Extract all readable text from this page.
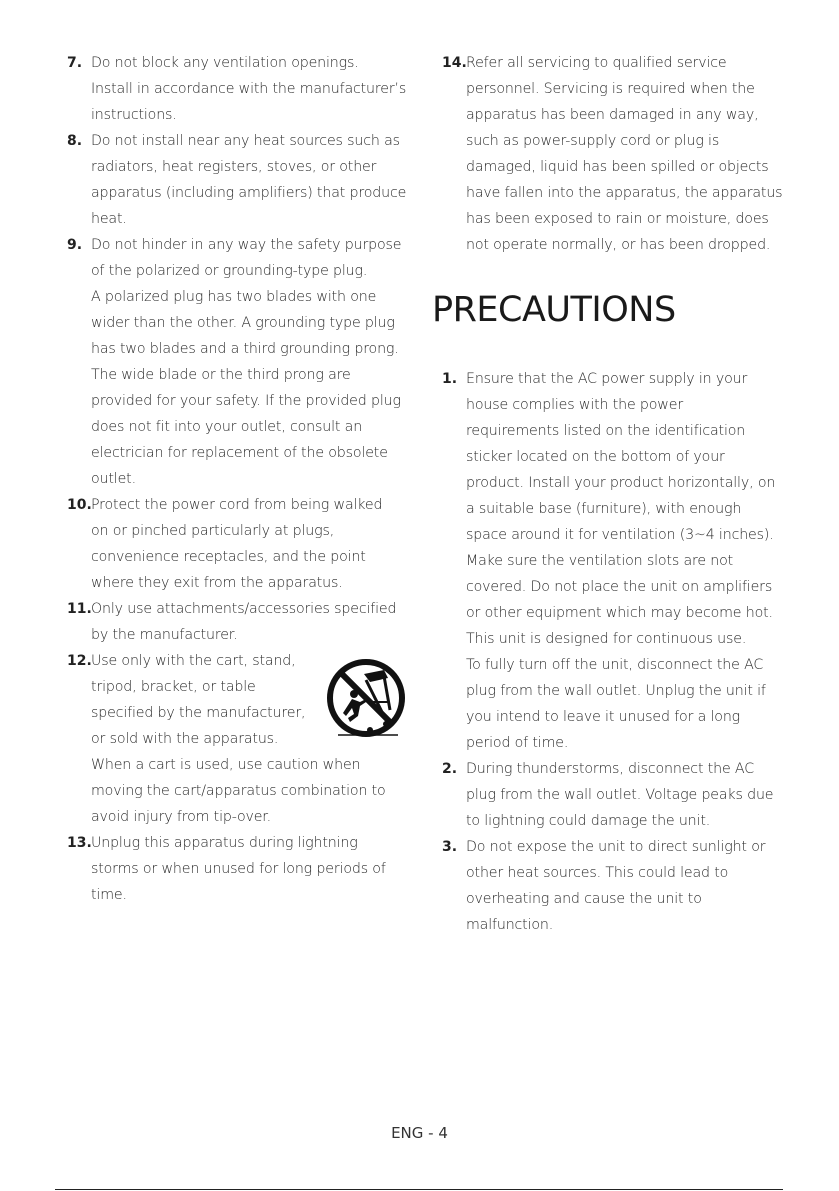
7. Do not block any ventilation openings.
Install in accordance with the manufacturer’s
instructions.
8. Do not install near any heat sources such as
radiators, heat registers, stoves, or other
apparatus (including amplifiers) that produce
heat.
9. Do not hinder in any way the safety purpose
of the polarized or grounding-type plug.
A polarized plug has two blades with one
wider than the other. A grounding type plug
has two blades and a third grounding prong.
The wide blade or the third prong are
provided for your safety. If the provided plug
does not fit into your outlet, consult an
electrician for replacement of the obsolete
outlet.
10. Protect the power cord from being walked
on or pinched particularly at plugs,
convenience receptacles, and the point
where they exit from the apparatus.
11. Only use attachments/accessories specified
by the manufacturer.
12. Use only with the cart, stand,
tripod, bracket, or table
specified by the manufacturer,
or sold with the apparatus.
When a cart is used, use caution when
moving the cart/apparatus combination to
avoid injury from tip-over.
13. Unplug this apparatus during lightning
storms or when unused for long periods of
time.
14. Refer all servicing to qualified service
personnel. Servicing is required when the
apparatus has been damaged in any way,
such as power-supply cord or plug is
damaged, liquid has been spilled or objects
have fallen into the apparatus, the apparatus
has been exposed to rain or moisture, does
not operate normally, or has been dropped.
PRECAUTIONS
1. Ensure that the AC power supply in your
house complies with the power
requirements listed on the identification
sticker located on the bottom of your
product. Install your product horizontally, on
a suitable base (furniture), with enough
space around it for ventilation (3~4 inches).
Make sure the ventilation slots are not
covered. Do not place the unit on amplifiers
or other equipment which may become hot.
This unit is designed for continuous use.
To fully turn off the unit, disconnect the AC
plug from the wall outlet. Unplug the unit if
you intend to leave it unused for a long
period of time.
2. During thunderstorms, disconnect the AC
plug from the wall outlet. Voltage peaks due
to lightning could damage the unit.
3. Do not expose the unit to direct sunlight or
other heat sources. This could lead to
overheating and cause the unit to
malfunction.
ENG - 4
